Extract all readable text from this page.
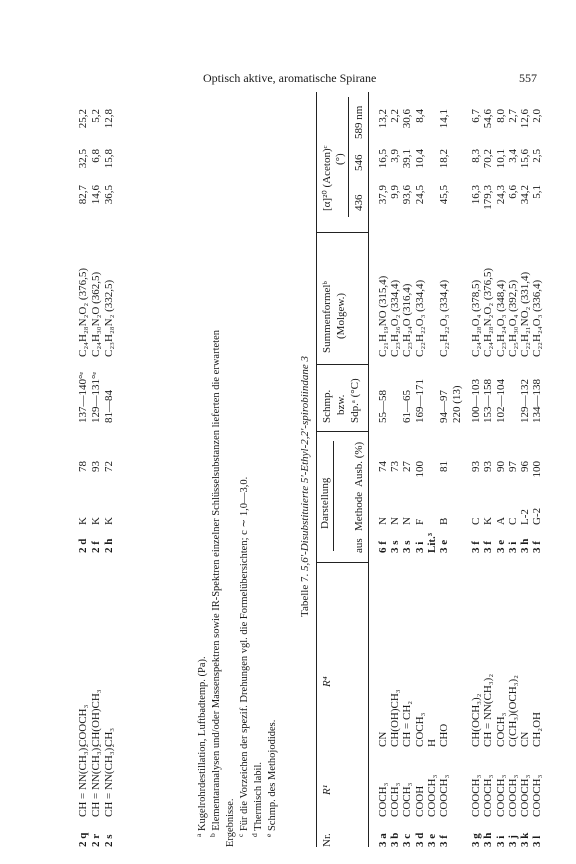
Optisch aktive, aromatische Spirane	557
$^a$ Kugelrohrdestillation, Luftbadtemp. (Pa).
$^b$ Elementaranalysen und/oder Massenspektren sowie IR-Spektren einzelner Schlüsselsubstanzen lieferten die erwarteten Ergebnisse. $^c$ Für die Vorzeichen der spezif. Drehungen vgl. die Formelübersichten; c ∼ 1,0—3,0.
$^d$ Thermisch labil.
$^e$ Schmp. des Methojodides.
Tabelle 7. 5,6'-Disubstituierte 5'-Ethyl-2,2'-spirobiindane 3
Nr.
R¹
R⁴
Darstellung
aus
Methode
Ausb. (%)
Schmp. bzw. Sdp.ᵃ (°C)
Summenformelᵇ (Molgew.)
[α]²⁰ (Aceton)ᶜ (°)
436
546
589 nm
2 q
CH = NN(CH₃)₂
COOCH₃
2 d
K
78
137—140°ᵉ
C₂₄H₂₈N₂O₂ (376,5)
82,7
32,5
25,2
2 r
CH = NN(CH₃)₂
CH(OH)CH₃
2 f
K
93
129—131°ᵉ
C₂₄H₃₀N₂O (362,5)
14,6
6,8
5,2
2 s
CH = NN(CH₃)₂
CH₃
2 h
K
72
81—84
C₂₃H₂₈N₂ (332,5)
36,5
15,8
12,8
3 a
COCH₃
CN
6 f
N
74
55—58
C₂₁H₁₉NO (315,4)
37,9
16,5
13,2
3 b
COCH₃
CH(OH)CH₃
3 s
N
73
C₂₃H₂₆O₂ (334,4)
9,9
3,9
2,2
3 c
COCH₃
CH = CH₂
3 s
N
27
61—65
C₂₃H₂₄O (316,4)
93,6
39,1
30,6
3 d
COOH
COCH₃
3 i
F
100
169—171
C₂₂H₂₂O₃ (334,4)
24,5
10,4
8,4
3 e
COOCH₃
H
Lit.³
3 f
COOCH₃
CHO
3 e
B
81
94—97
C₂₂H₂₂O₃ (334,4)
45,5
18,2
14,1
220 (13)
3 g
COOCH₃
CH(OCH₃)₂
3 f
C
93
100—103
C₂₄H₂₈O₄ (378,5)
16,3
8,3
6,7
3 h
COOCH₃
CH = NN(CH₃)₂
3 f
K
93
153—158
C₂₄H₂₈N₂O₂ (376,5)
179,3
70,2
54,6
3 i
COOCH₃
COCH₃
3 e
A
90
102—104
C₂₃H₂₄O₃ (348,4)
24,3
10,1
8,0
3 j
COOCH₃
C(CH₃)(OCH₃)₂
3 i
C
97
C₂₅H₃₀O₄ (392,5)
6,6
3,4
2,7
3 k
COOCH₃
CN
3 h
L-2
96
129—132
C₂₂H₂₁NO₂ (331,4)
34,2
15,6
12,6
3 l
COOCH₃
CH₂OH
3 f
G-2
100
134—138
C₂₂H₂₄O₃ (336,4)
5,1
2,5
2,0
